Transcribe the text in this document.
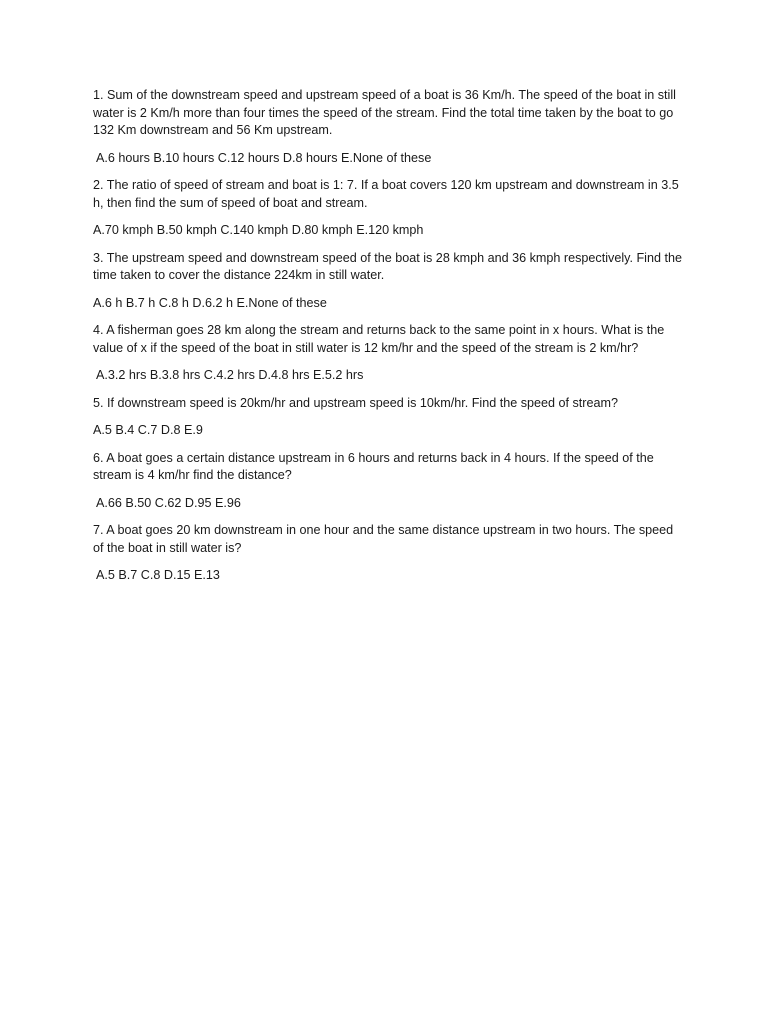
1. Sum of the downstream speed and upstream speed of a boat is 36 Km/h. The speed of the boat in still water is 2 Km/h more than four times the speed of the stream. Find the total time taken by the boat to go 132 Km downstream and 56 Km upstream.

A.6 hours B.10 hours C.12 hours D.8 hours E.None of these

2. The ratio of speed of stream and boat is 1: 7. If a boat covers 120 km upstream and downstream in 3.5 h, then find the sum of speed of boat and stream.

A.70 kmph B.50 kmph C.140 kmph D.80 kmph E.120 kmph

3. The upstream speed and downstream speed of the boat is 28 kmph and 36 kmph respectively. Find the time taken to cover the distance 224km in still water.

A.6 h B.7 h C.8 h D.6.2 h E.None of these

4. A fisherman goes 28 km along the stream and returns back to the same point in x hours. What is the value of x if the speed of the boat in still water is 12 km/hr and the speed of the stream is 2 km/hr?

A.3.2 hrs B.3.8 hrs C.4.2 hrs D.4.8 hrs E.5.2 hrs

5. If downstream speed is 20km/hr and upstream speed is 10km/hr. Find the speed of stream?

A.5 B.4 C.7 D.8 E.9

6. A boat goes a certain distance upstream in 6 hours and returns back in 4 hours. If the speed of the stream is 4 km/hr find the distance?

A.66 B.50 C.62 D.95 E.96

7. A boat goes 20 km downstream in one hour and the same distance upstream in two hours. The speed of the boat in still water is?

A.5 B.7 C.8 D.15 E.13
